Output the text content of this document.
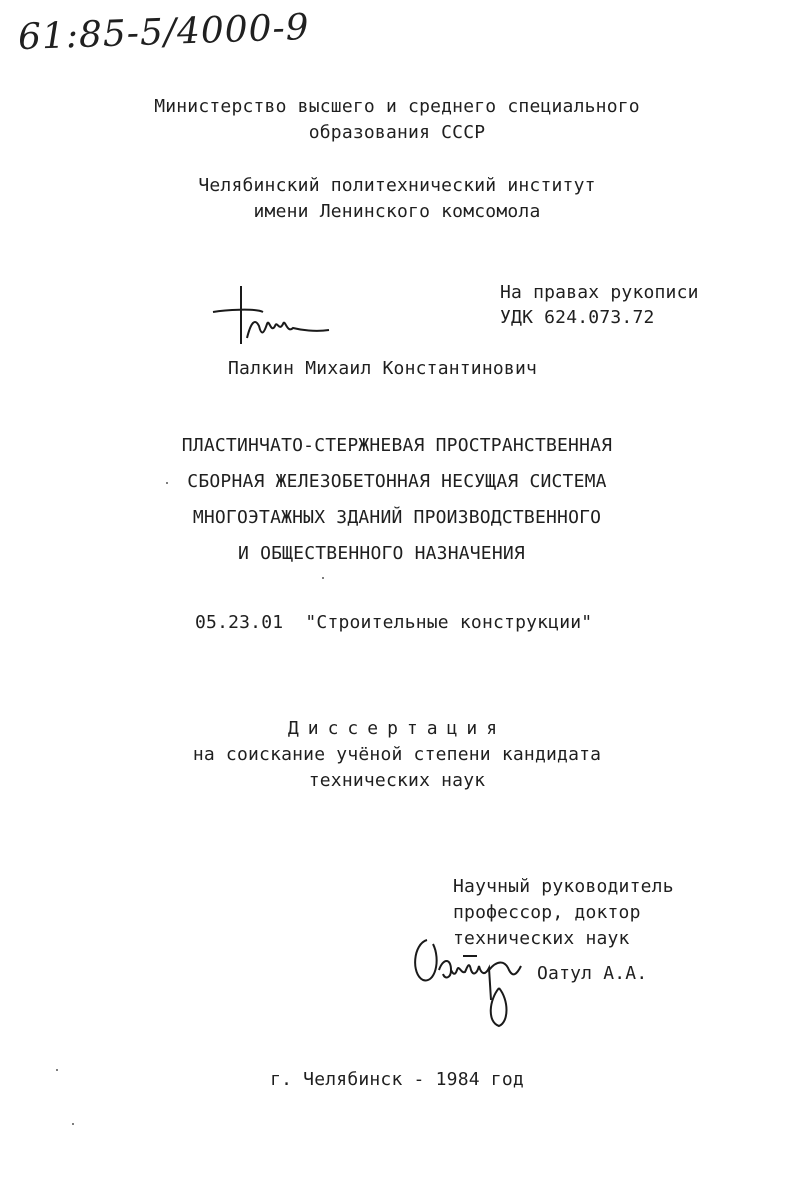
61:85-5/4000-9
Министерство высшего и среднего специального
образования СССР
Челябинский политехнический институт
имени Ленинского комсомола
На правах рукописи
УДК 624.073.72
Палкин Михаил Константинович
ПЛАСТИНЧАТО-СТЕРЖНЕВАЯ ПРОСТРАНСТВЕННАЯ
СБОРНАЯ ЖЕЛЕЗОБЕТОННАЯ НЕСУЩАЯ СИСТЕМА
МНОГОЭТАЖНЫХ ЗДАНИЙ ПРОИЗВОДСТВЕННОГО
И ОБЩЕСТВЕННОГО НАЗНАЧЕНИЯ
05.23.01  "Строительные конструкции"
Диссертация
на соискание учёной степени кандидата
технических наук
Научный руководитель
профессор, доктор
технических наук
Оатул А.А.
г. Челябинск - 1984 год
